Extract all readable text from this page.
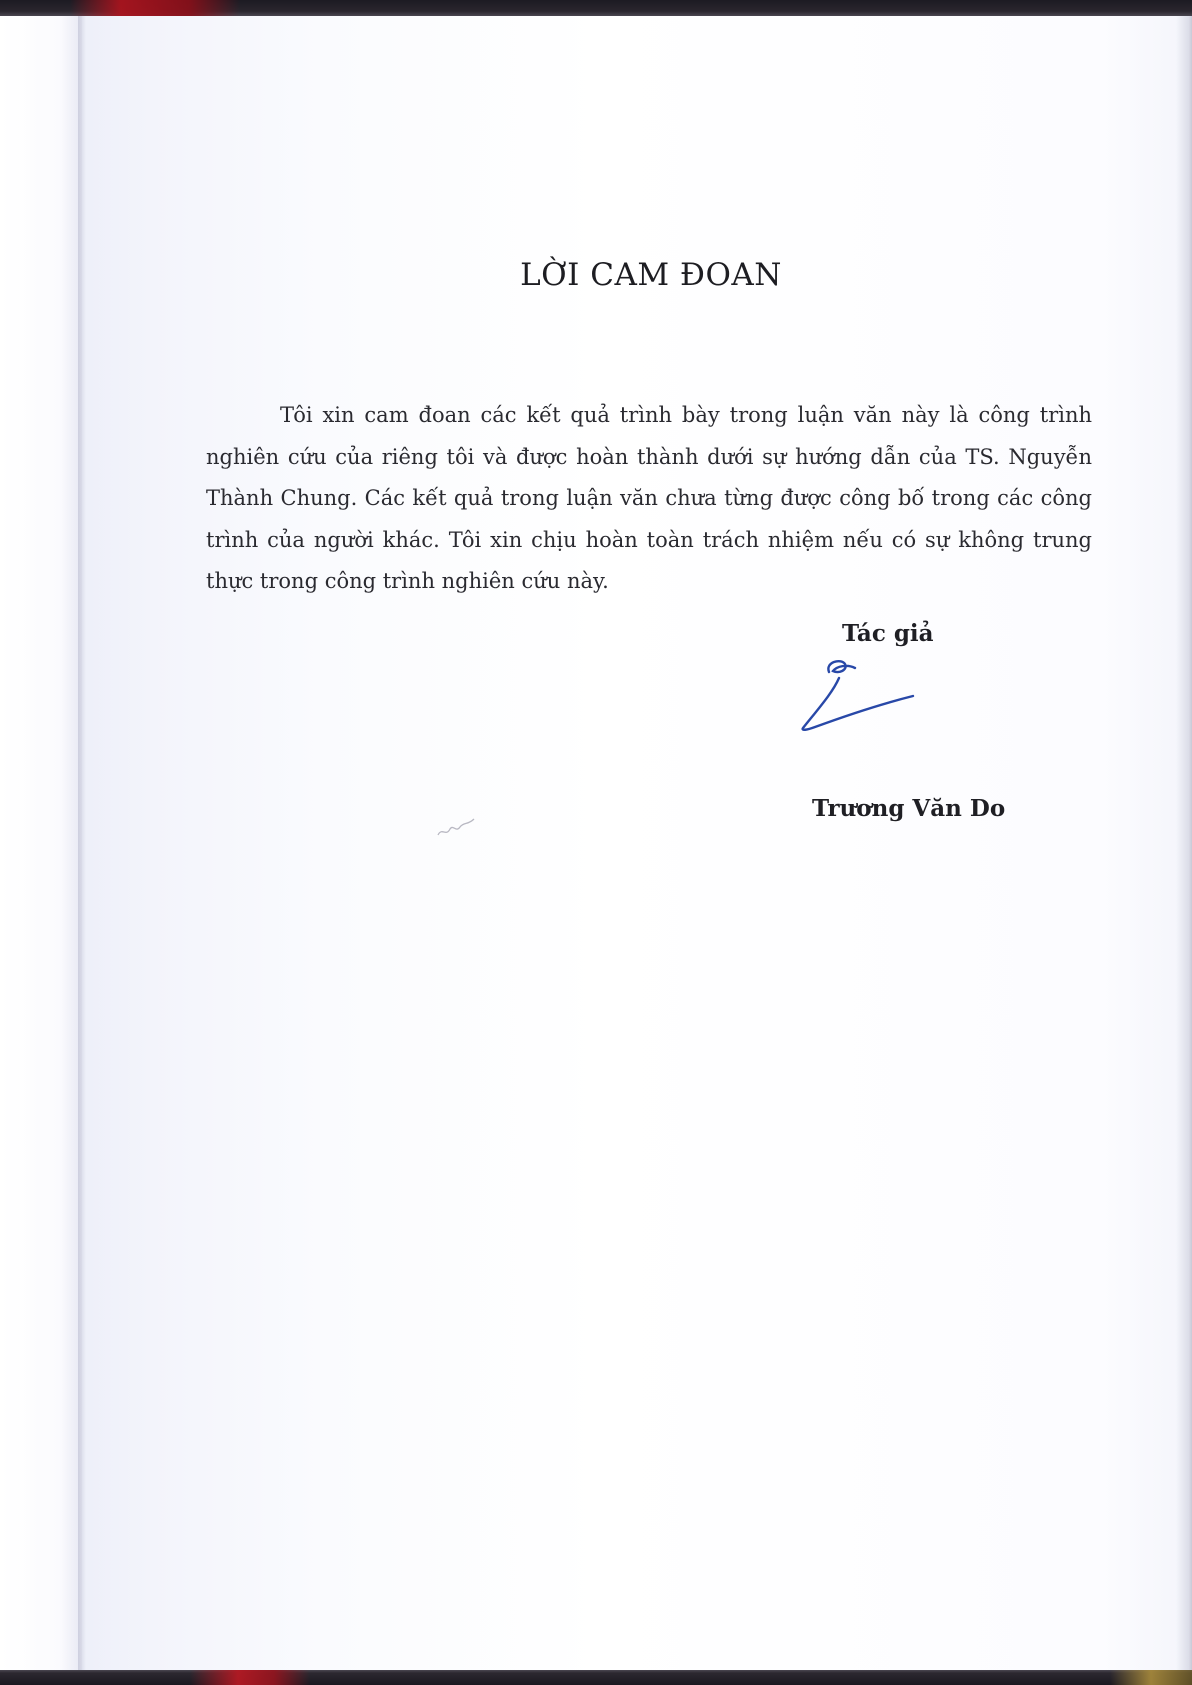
LỜI CAM ĐOAN

Tôi xin cam đoan các kết quả trình bày trong luận văn này là công trình nghiên cứu của riêng tôi và được hoàn thành dưới sự hướng dẫn của TS. Nguyễn Thành Chung. Các kết quả trong luận văn chưa từng được công bố trong các công trình của người khác. Tôi xin chịu hoàn toàn trách nhiệm nếu có sự không trung thực trong công trình nghiên cứu này.

Tác giả
Trương Văn Do
